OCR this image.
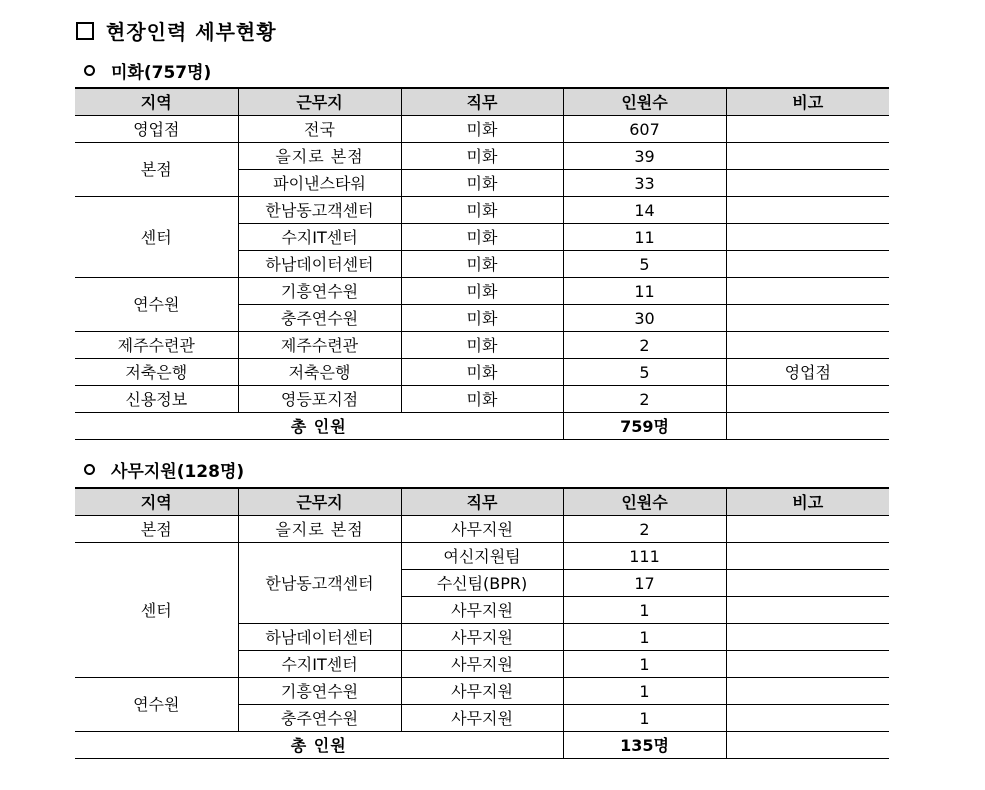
현장인력 세부현황
미화(757명)
지역	근무지	직무	인원수	비고
영업점	전국	미화	607	
본점	을지로 본점	미화	39	
	파이낸스타워	미화	33	
센터	한남동고객센터	미화	14	
	수지IT센터	미화	11	
	하남데이터센터	미화	5	
연수원	기흥연수원	미화	11	
	충주연수원	미화	30	
제주수련관	제주수련관	미화	2	
저축은행	저축은행	미화	5	영업점
신용정보	영등포지점	미화	2	
총 인원			759명	
사무지원(128명)
지역	근무지	직무	인원수	비고
본점	을지로 본점	사무지원	2	
센터	한남동고객센터	여신지원팀	111	
		수신팀(BPR)	17	
		사무지원	1	
	하남데이터센터	사무지원	1	
	수지IT센터	사무지원	1	
연수원	기흥연수원	사무지원	1	
	충주연수원	사무지원	1	
총 인원			135명	
